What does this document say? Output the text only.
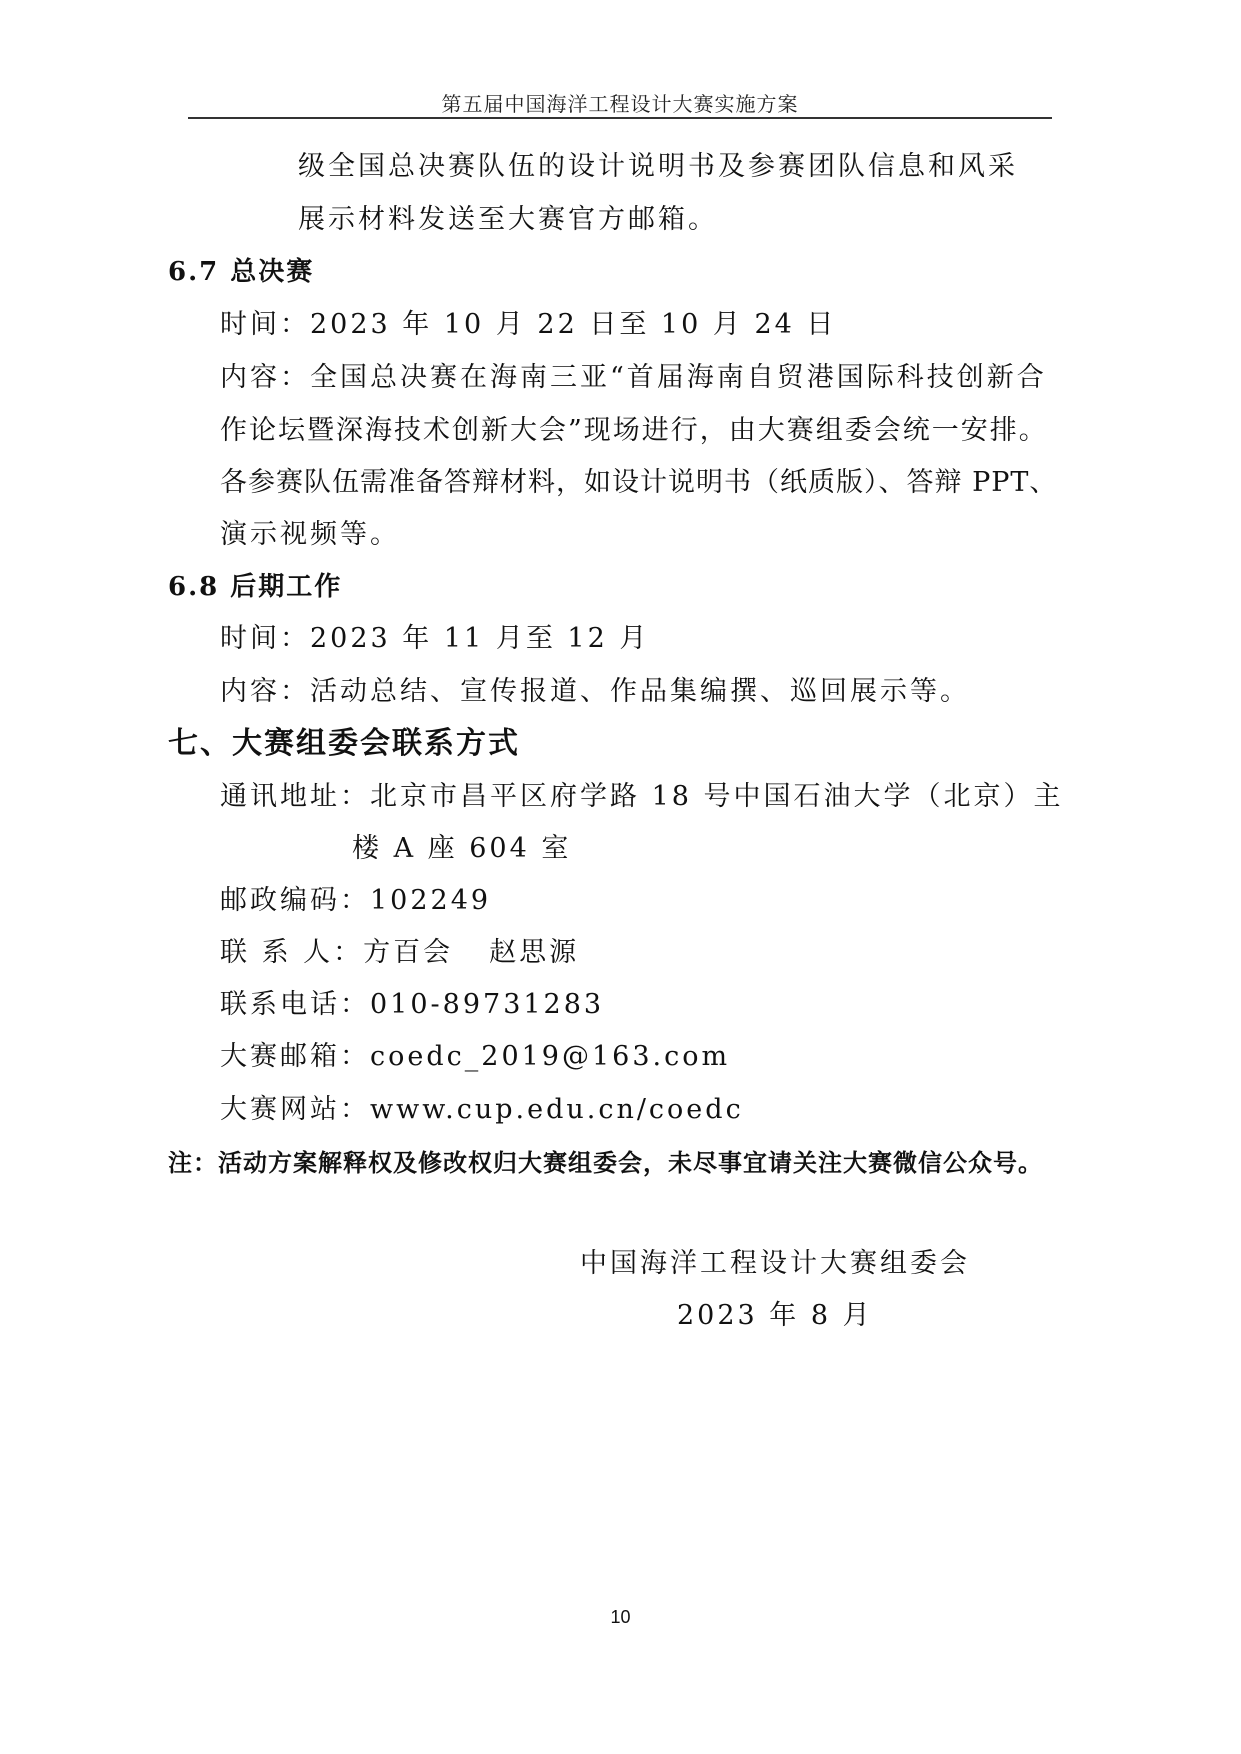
第五届中国海洋工程设计大赛实施方案
级全国总决赛队伍的设计说明书及参赛团队信息和风采
展示材料发送至大赛官方邮箱。
6.7 总决赛
时间：2023 年 10 月 22 日至 10 月 24 日
内容：全国总决赛在海南三亚“首届海南自贸港国际科技创新合
作论坛暨深海技术创新大会”现场进行，由大赛组委会统一安排。
各参赛队伍需准备答辩材料，如设计说明书（纸质版）、答辩 PPT、
演示视频等。
6.8 后期工作
时间：2023 年 11 月至 12 月
内容：活动总结、宣传报道、作品集编撰、巡回展示等。
七、大赛组委会联系方式
通讯地址：北京市昌平区府学路 18 号中国石油大学（北京）主
楼 A 座 604 室
邮政编码：102249
联 系 人：方百会 赵思源
联系电话：010-89731283
大赛邮箱：coedc_2019@163.com
大赛网站：www.cup.edu.cn/coedc
注：活动方案解释权及修改权归大赛组委会，未尽事宜请关注大赛微信公众号。
中国海洋工程设计大赛组委会
2023 年 8 月
10
